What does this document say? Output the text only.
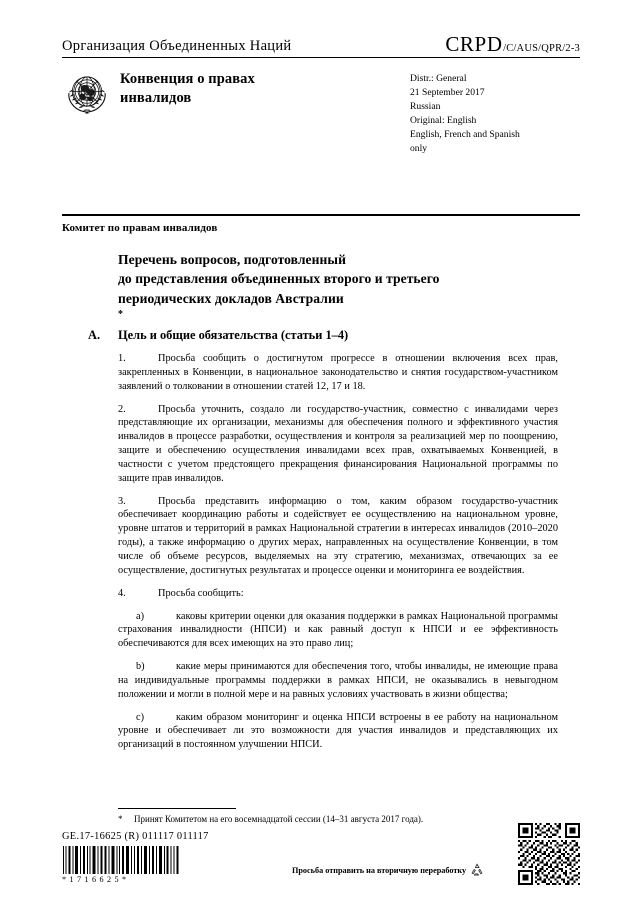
Организация Объединенных Наций	CRPD /C/AUS/QPR/2-3
Конвенция о правах
инвалидов
Distr.: General
21 September 2017
Russian
Original: English
English, French and Spanish
only
Комитет по правам инвалидов
Перечень вопросов, подготовленный
до представления объединенных второго и третьего
периодических докладов Австралии
*
A.	Цель и общие обязательства (статьи 1–4)

1.	Просьба сообщить о достигнутом прогрессе в отношении включения всех прав, закрепленных в Конвенции, в национальное законодательство и снятия государством-участником заявлений о толковании в отношении статей 12, 17 и 18.

2.	Просьба уточнить, создало ли государство-участник, совместно с инвалидами через представляющие их организации, механизмы для обеспечения полного и эффективного участия инвалидов в процессе разработки, осуществления и контроля за реализацией мер по поощрению, защите и обеспечению осуществления инвалидами всех прав, охватываемых Конвенцией, в частности с учетом предстоящего прекращения финансирования Национальной программы по защите прав инвалидов.

3.	Просьба представить информацию о том, каким образом государство-участник обеспечивает координацию работы и содействует ее осуществлению на национальном уровне, уровне штатов и территорий в рамках Национальной стратегии в интересах инвалидов (2010–2020 годы), а также информацию о других мерах, направленных на осуществление Конвенции, в том числе об объеме ресурсов, выделяемых на эту стратегию, механизмах, отвечающих за ее осуществление, достигнутых результатах и процессе оценки и мониторинга ее воздействия.

4.	Просьба сообщить:

a)	каковы критерии оценки для оказания поддержки в рамках Национальной программы страхования инвалидности (НПСИ) и как равный доступ к НПСИ и ее эффективность обеспечиваются для всех имеющих на это право лиц;

b)	какие меры принимаются для обеспечения того, чтобы инвалиды, не имеющие права на индивидуальные программы поддержки в рамках НПСИ, не оказывались в невыгодном положении и могли в полной мере и на равных условиях участвовать в жизни общества;

c)	каким образом мониторинг и оценка НПСИ встроены в ее работу на национальном уровне и обеспечивает ли это возможности для участия инвалидов и представляющих их организаций в постоянном улучшении НПСИ.

* Принят Комитетом на его восемнадцатой сессии (14–31 августа 2017 года).
GE.17-16625 (R) 011117 011117
*1716625*
Просьба отправить на вторичную переработку
